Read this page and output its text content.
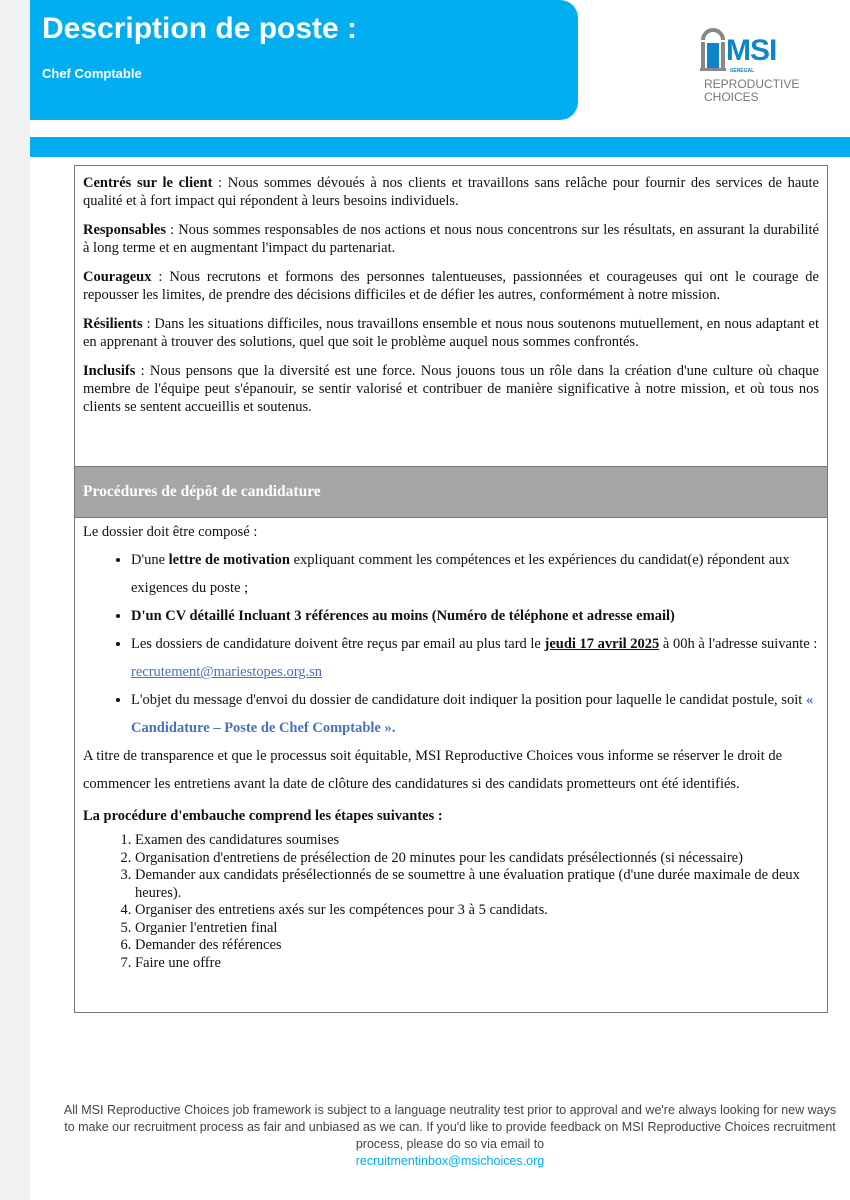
Description de poste :
Chef Comptable
MSI
SENEGAL
REPRODUCTIVE
CHOICES

Centrés sur le client : Nous sommes dévoués à nos clients et travaillons sans relâche pour fournir des services de haute qualité et à fort impact qui répondent à leurs besoins individuels.

Responsables : Nous sommes responsables de nos actions et nous nous concentrons sur les résultats, en assurant la durabilité à long terme et en augmentant l'impact du partenariat.

Courageux : Nous recrutons et formons des personnes talentueuses, passionnées et courageuses qui ont le courage de repousser les limites, de prendre des décisions difficiles et de défier les autres, conformément à notre mission.

Résilients : Dans les situations difficiles, nous travaillons ensemble et nous nous soutenons mutuellement, en nous adaptant et en apprenant à trouver des solutions, quel que soit le problème auquel nous sommes confrontés.

Inclusifs : Nous pensons que la diversité est une force. Nous jouons tous un rôle dans la création d'une culture où chaque membre de l'équipe peut s'épanouir, se sentir valorisé et contribuer de manière significative à notre mission, et où tous nos clients se sentent accueillis et soutenus.

Procédures de dépôt de candidature
Le dossier doit être composé :
• D'une lettre de motivation expliquant comment les compétences et les expériences du candidat(e) répondent aux exigences du poste ;
• D'un CV détaillé Incluant 3 références au moins (Numéro de téléphone et adresse email)
• Les dossiers de candidature doivent être reçus par email au plus tard le jeudi 17 avril 2025 à 00h à l'adresse suivante : recrutement@mariestopes.org.sn
• L'objet du message d'envoi du dossier de candidature doit indiquer la position pour laquelle le candidat postule, soit « Candidature – Poste de Chef Comptable ».
A titre de transparence et que le processus soit équitable, MSI Reproductive Choices vous informe se réserver le droit de commencer les entretiens avant la date de clôture des candidatures si des candidats prometteurs ont été identifiés.
La procédure d'embauche comprend les étapes suivantes :
1. Examen des candidatures soumises
2. Organisation d'entretiens de présélection de 20 minutes pour les candidats présélectionnés (si nécessaire)
3. Demander aux candidats présélectionnés de se soumettre à une évaluation pratique (d'une durée maximale de deux heures).
4. Organiser des entretiens axés sur les compétences pour 3 à 5 candidats.
5. Organier l'entretien final
6. Demander des références
7. Faire une offre
All MSI Reproductive Choices job framework is subject to a language neutrality test prior to approval and we're always looking for new ways to make our recruitment process as fair and unbiased as we can. If you'd like to provide feedback on MSI Reproductive Choices recruitment process, please do so via email to
recruitmentinbox@msichoices.org
